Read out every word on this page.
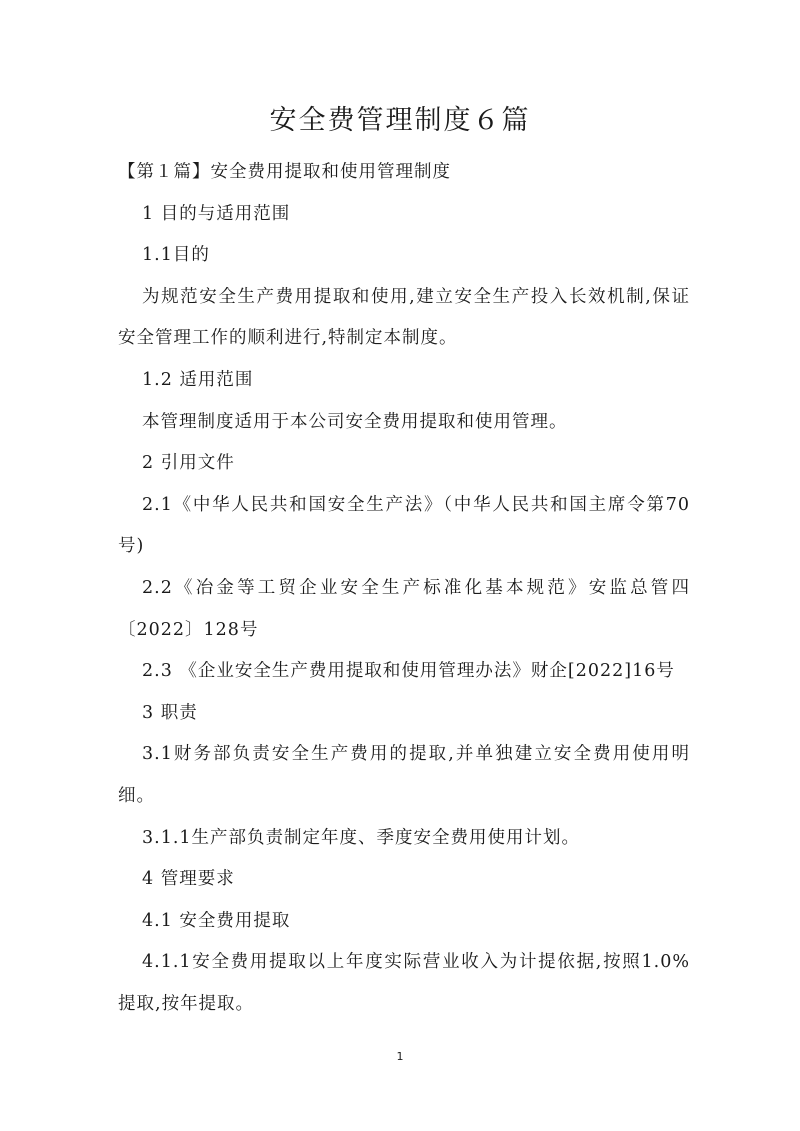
安全费管理制度６篇

【第１篇】安全费用提取和使用管理制度

1 目的与适用范围

1.1目的

为规范安全生产费用提取和使用,建立安全生产投入长效机制,保证安全管理工作的顺利进行,特制定本制度。

1.2 适用范围

本管理制度适用于本公司安全费用提取和使用管理。

2 引用文件

2.1《中华人民共和国安全生产法》（中华人民共和国主席令第70号)

2.2《冶金等工贸企业安全生产标准化基本规范》安监总管四〔2022〕128号

2.3 《企业安全生产费用提取和使用管理办法》财企[2022]16号

3 职责

3.1财务部负责安全生产费用的提取,并单独建立安全费用使用明细。

3.1.1生产部负责制定年度、季度安全费用使用计划。

4 管理要求

4.1 安全费用提取

4.1.1安全费用提取以上年度实际营业收入为计提依据,按照1.0%提取,按年提取。

1
